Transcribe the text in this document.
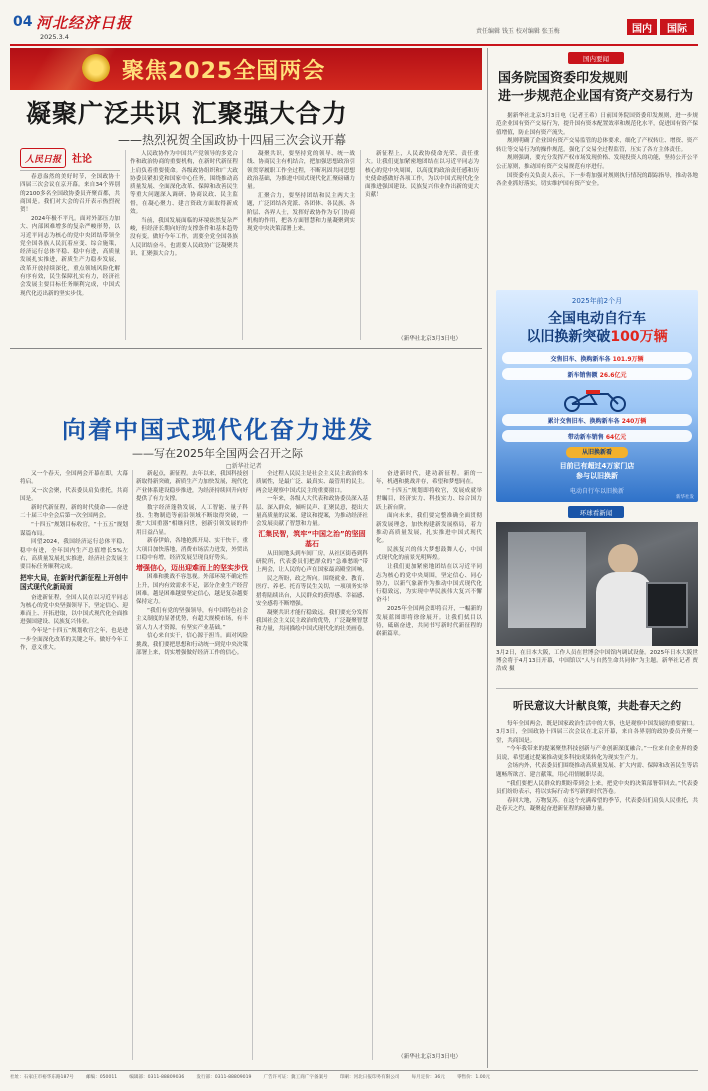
04 河北经济日报
2025.3.4
责任编辑 钱玉 校对编辑 张玉梅	国内 国际
聚焦2025全国两会
凝聚广泛共识 汇聚强大合力
——热烈祝贺全国政协十四届三次会议开幕
人民日报 社论

春意盎然的美好时节，全国政协十四届三次会议在京开幕。来自34个界别的2100多名全国政协委员齐聚首都，共商国是。我们对大会的召开表示热烈祝贺！

2024年极不平凡。面对外部压力加大、内部困难增多的复杂严峻形势，以习近平同志为核心的党中央团结带领全党全国各族人民沉着应变、综合施策，经济运行总体平稳、稳中有进，高质量发展扎实推进，新质生产力稳步发展，改革开放持续深化，重点领域风险化解有序有效，民生保障扎实有力，经济社会发展主要目标任务顺利完成，中国式现代化迈出新的坚实步伐。

人民政协作为中国共产党领导的多党合作和政治协商的重要机构，在新时代新征程上肩负着重要使命。各级政协组织和广大政协委员紧扣党和国家中心任务，围绕推动高质量发展、全面深化改革、保障和改善民生等重大问题深入调研、协商议政、民主监督，在凝心聚力、建言资政方面取得新成效。

当前，我国发展面临的环境依然复杂严峻，但经济长期向好的支撑条件和基本趋势没有变。做好今年工作，需要全党全国各族人民团结奋斗，也需要人民政协广泛凝聚共识、汇聚强大合力。

凝聚共识，要坚持党的领导、统一战线、协商民主有机结合，把加强思想政治引领贯穿履职工作全过程，不断巩固共同思想政治基础，为推进中国式现代化汇聚磅礴力量。

汇聚合力，要坚持团结和民主两大主题，广泛团结各党派、各团体、各民族、各阶层、各界人士，发挥好政协作为专门协商机构的作用，把各方面智慧和力量凝聚到实现党中央决策部署上来。

新征程上，人民政协使命光荣、责任重大。让我们更加紧密地团结在以习近平同志为核心的党中央周围，以高度的政治责任感和历史使命感做好各项工作，为以中国式现代化全面推进强国建设、民族复兴伟业作出新的更大贡献！

（新华社北京3月3日电）
向着中国式现代化奋力进发
——写在2025年全国两会召开之际
□新华社记者

又一个春天，全国两会开幕在即，大幕将启。

又一次会聚，代表委员肩负重托，共商国是。

新时代新征程，新的时代使命——奋进二十届三中全会后第一次全国两会。

“十四五”规划目标收官，“十五五”规划谋篇布局。

回望2024，我国经济运行总体平稳、稳中有进，全年国内生产总值增长5%左右，高质量发展扎实推进，经济社会发展主要目标任务顺利完成。

把牢大局，在新时代新征程上开创中国式现代化新局面

奋进新征程，全国人民在以习近平同志为核心的党中央坚强领导下，坚定信心、迎难而上、开拓进取，以中国式现代化全面推进强国建设、民族复兴伟业。

今年是“十四五”规划收官之年，也是进一步全面深化改革的关键之年。做好今年工作，意义重大。

新起点，新征程。去年以来，我国科技创新取得新突破，新质生产力加快发展，现代化产业体系建设稳步推进，为经济持续回升向好提供了有力支撑。

数字经济蓬勃发展，人工智能、量子科技、生物制造等前沿领域不断取得突破，一批“大国重器”相继问世，创新引领发展的作用日益凸显。

新春伊始，各地抢抓开局、实干快干。重大项目加快落地，消费市场活力迸发，外贸出口稳中有增，经济发展呈现良好势头。

增强信心，迈出迎难而上的坚实步伐

困难和挑战不容忽视。外部环境不确定性上升，国内有效需求不足，部分企业生产经营困难。越是困难越要坚定信心，越是复杂越要保持定力。

“我们有党的坚强领导，有中国特色社会主义制度的显著优势，有超大规模市场，有丰富人力人才资源，有坚实产业基础。”

信心来自实干，信心源于担当。面对风险挑战，我们要把思想和行动统一到党中央决策部署上来，切实增强做好经济工作的信心。

全过程人民民主是社会主义民主政治的本质属性，是最广泛、最真实、最管用的民主。两会是观察中国式民主的重要窗口。

一年来，各级人大代表和政协委员深入基层、深入群众，倾听民声、汇聚民意，提出大量高质量的议案、建议和提案，为推动经济社会发展贡献了智慧和力量。

汇集民智，筑牢“中国之治”的坚固基石

从田间地头到车间厂房，从社区街巷到科研院所，代表委员们把群众的“急难愁盼”带上两会，让人民的心声在国家最高殿堂回响。

民之所盼，政之所向。围绕就业、教育、医疗、养老、托育等民生关切，一项项务实举措将陆续出台，人民群众的获得感、幸福感、安全感将不断增强。

凝聚共识才能行稳致远。我们要充分发挥我国社会主义民主政治的优势，广泛凝聚智慧和力量，共同描绘中国式现代化的壮美画卷。

奋进新时代，建功新征程。新的一年，机遇和挑战并存，希望和梦想同在。

“十四五”规划即将收官，发展成就举世瞩目，经济实力、科技实力、综合国力跃上新台阶。

面向未来，我们要完整准确全面贯彻新发展理念，加快构建新发展格局，着力推动高质量发展，扎实推进中国式现代化。

民族复兴的伟大梦想鼓舞人心，中国式现代化的前景光明辉煌。

让我们更加紧密地团结在以习近平同志为核心的党中央周围，坚定信心、同心协力，以新气象新作为推动中国式现代化行稳致远，为实现中华民族伟大复兴不懈奋斗！

2025年全国两会即将召开，一幅新的发展蓝图即将徐徐展开。让我们拭目以待，砥砺奋进，共同书写新时代新征程的崭新篇章。

（新华社北京3月3日电）
国内要闻
国务院国资委印发规则
进一步规范企业国有资产交易行为

据新华社北京3月3日电（记者王希）日前国务院国资委印发规则，进一步规范企业国有资产交易行为，提升国有资本配置效率和规范化水平，促进国有资产保值增值，防止国有资产流失。

规则明确了企业国有资产交易监管的总体要求，细化了产权转让、增资、资产转让等交易行为的操作规范，强化了交易全过程监管，压实了各方主体责任。

规则强调，要充分发挥产权市场发现价格、发现投资人的功能，坚持公开公平公正原则，推动国有资产交易规范有序进行。

国资委有关负责人表示，下一步将加强对规则执行情况的跟踪指导，推动各地各企业抓好落实，切实维护国有资产安全。

2025年前2个月
全国电动自行车
以旧换新突破100万辆
交售旧车、换购新车各
101.9万辆
新车销售额
26.6亿元
累计交售旧车、换购新车各
240万辆
带动新车销售
64亿元
从旧换新看
目前已有超过4万家门店
参与以旧换新
电动自行车以旧换新
新华社发
环球看新闻
3月2日，在日本大阪，工作人员在世博会中国馆内调试设备。2025年日本大阪世博会将于4月13日开幕，中国馆以“人与自然生命共同体”为主题。新华社记者 贾浩成 摄
听民意议大计献良策，共赴春天之约

每年全国两会，既是国家政治生活中的大事，也是观察中国发展的重要窗口。3月3日，全国政协十四届三次会议在北京开幕，来自各界别的政协委员齐聚一堂，共商国是。

“今年我带来的提案聚焦科技创新与产业创新深度融合。”一位来自企业界的委员说，希望通过提案推动更多科技成果转化为现实生产力。

会场内外，代表委员们围绕推动高质量发展、扩大内需、保障和改善民生等话题畅所欲言、建言献策，用心用情履职尽责。

“我们要把人民群众的期盼带到会上来，把党中央的决策部署带回去。”代表委员们纷纷表示，将以实际行动书写新的时代答卷。

春回大地，万物复苏。在这个充满希望的季节，代表委员们肩负人民重托，共赴春天之约，凝聚起奋进新征程的磅礴力量。

社址：石家庄市裕华东路187号	邮编：050011	编辑部：0311-88809036	发行部：0311-88809019	广告许可证：冀工商广字备案号	印刷：河北日报印务有限公司	每月定价：36元	零售价：1.00元
